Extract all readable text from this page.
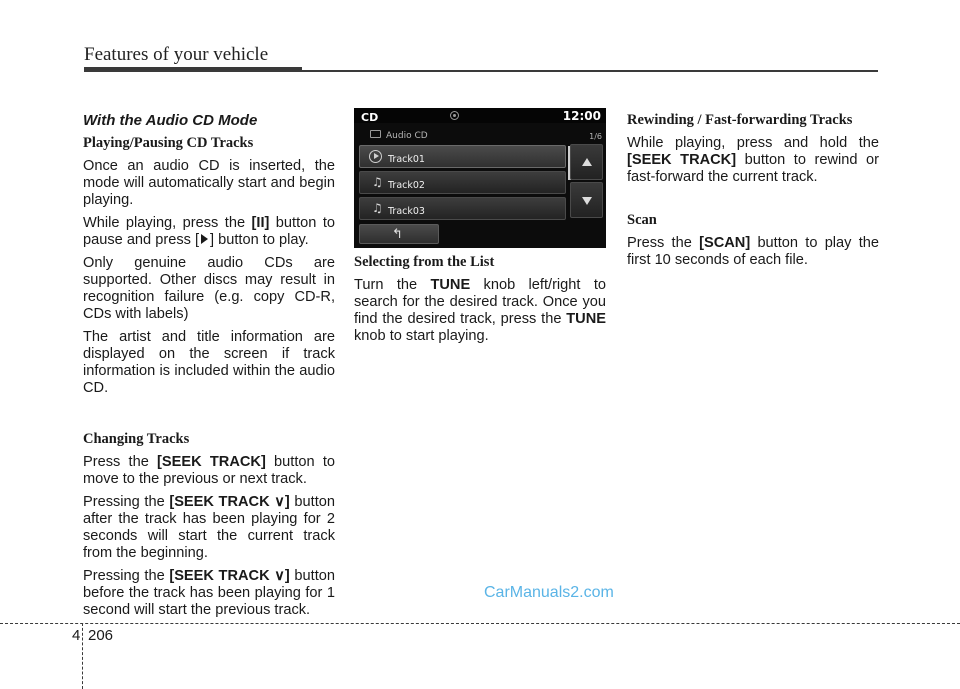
Features of your vehicle
With the Audio CD Mode
Playing/Pausing CD Tracks
Once an audio CD is inserted, the mode will automatically start and begin playing.
While playing, press the [II] button to pause and press [ ] button to play.
Only genuine audio CDs are supported. Other discs may result in recognition failure (e.g. copy CD-R, CDs with labels)
The artist and title information are displayed on the screen if track information is included within the audio CD.
Changing Tracks
Press the [SEEK TRACK] button to move to the previous or next track.
Pressing the [SEEK TRACK ∨] button after the track has been playing for 2 seconds will start the current track from the beginning.
Pressing the [SEEK TRACK ∨] button before the track has been playing for 1 second will start the previous track.
CD	12:00
Audio CD	1/6
Track01
♫ Track02
♫ Track03
↰
Selecting from the List
Turn the TUNE knob left/right to search for the desired track. Once you find the desired track, press the TUNE knob to start playing.
Rewinding / Fast-forwarding Tracks
While playing, press and hold the [SEEK TRACK] button to rewind or fast-forward the current track.
Scan
Press the [SCAN] button to play the first 10 seconds of each file.
CarManuals2.com
4 206
